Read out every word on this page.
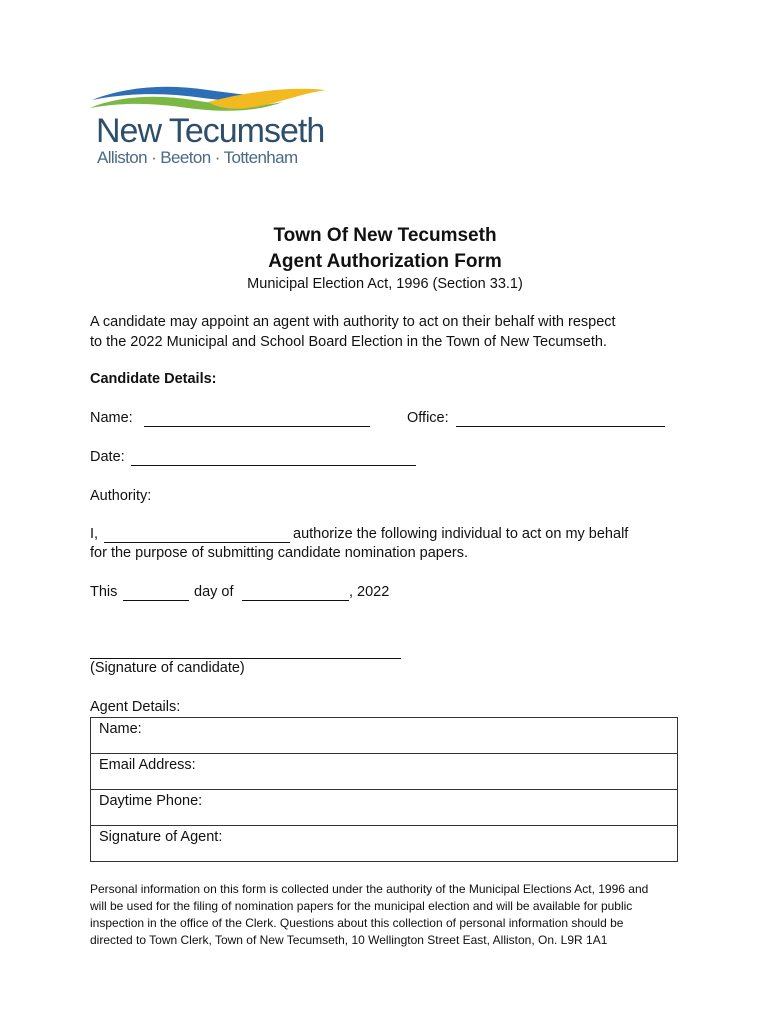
New Tecumseth
Alliston · Beeton · Tottenham
Town Of New Tecumseth
Agent Authorization Form
Municipal Election Act, 1996 (Section 33.1)
A candidate may appoint an agent with authority to act on their behalf with respect
to the 2022 Municipal and School Board Election in the Town of New Tecumseth.
Candidate Details:
Name:	Office:
Date:
Authority:
I,	authorize the following individual to act on my behalf
for the purpose of submitting candidate nomination papers.
This	day of	, 2022
(Signature of candidate)
Agent Details:
Name:
Email Address:
Daytime Phone:
Signature of Agent:
Personal information on this form is collected under the authority of the Municipal Elections Act, 1996 and
will be used for the filing of nomination papers for the municipal election and will be available for public
inspection in the office of the Clerk. Questions about this collection of personal information should be
directed to Town Clerk, Town of New Tecumseth, 10 Wellington Street East, Alliston, On. L9R 1A1
